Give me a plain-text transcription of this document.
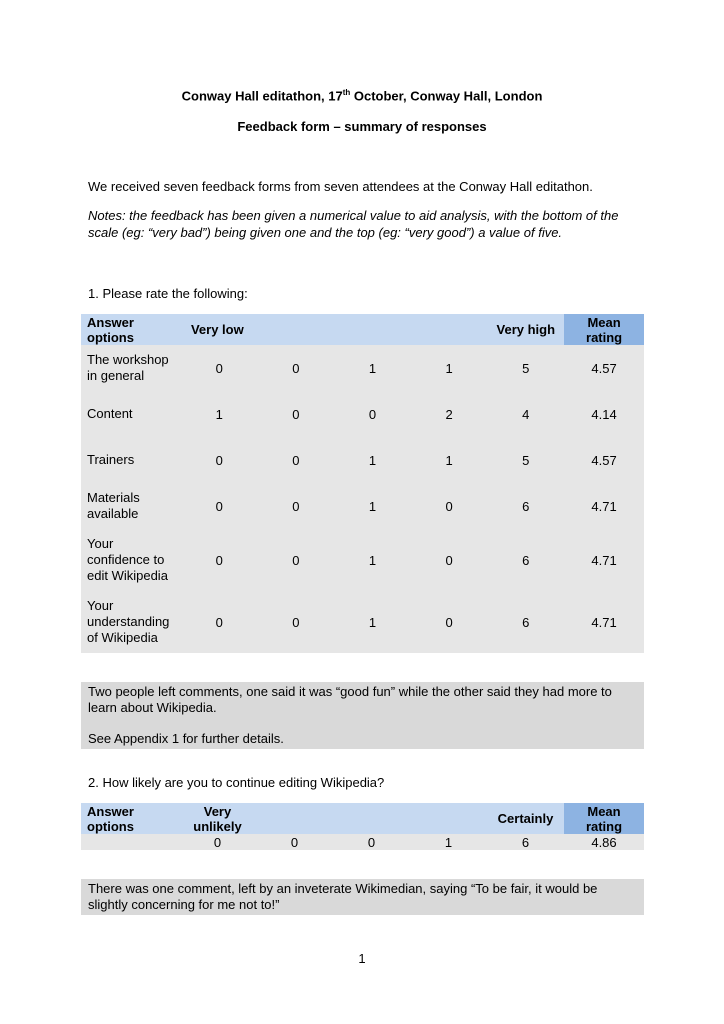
Conway Hall editathon, 17th October, Conway Hall, London
Feedback form – summary of responses
We received seven feedback forms from seven attendees at the Conway Hall editathon.
Notes: the feedback has been given a numerical value to aid analysis, with the bottom of the scale (eg: “very bad”) being given one and the top (eg: “very good”) a value of five.
1. Please rate the following:
Answer options	Very low				Very high	Mean rating
The workshop in general	0	0	1	1	5	4.57
Content	1	0	0	2	4	4.14
Trainers	0	0	1	1	5	4.57
Materials available	0	0	1	0	6	4.71
Your confidence to edit Wikipedia	0	0	1	0	6	4.71
Your understanding of Wikipedia	0	0	1	0	6	4.71
Two people left comments, one said it was “good fun” while the other said they had more to learn about Wikipedia.
See Appendix 1 for further details.
2. How likely are you to continue editing Wikipedia?
Answer options	Very unlikely				Certainly	Mean rating
	0	0	0	1	6	4.86
There was one comment, left by an inveterate Wikimedian, saying “To be fair, it would be slightly concerning for me not to!”
1
